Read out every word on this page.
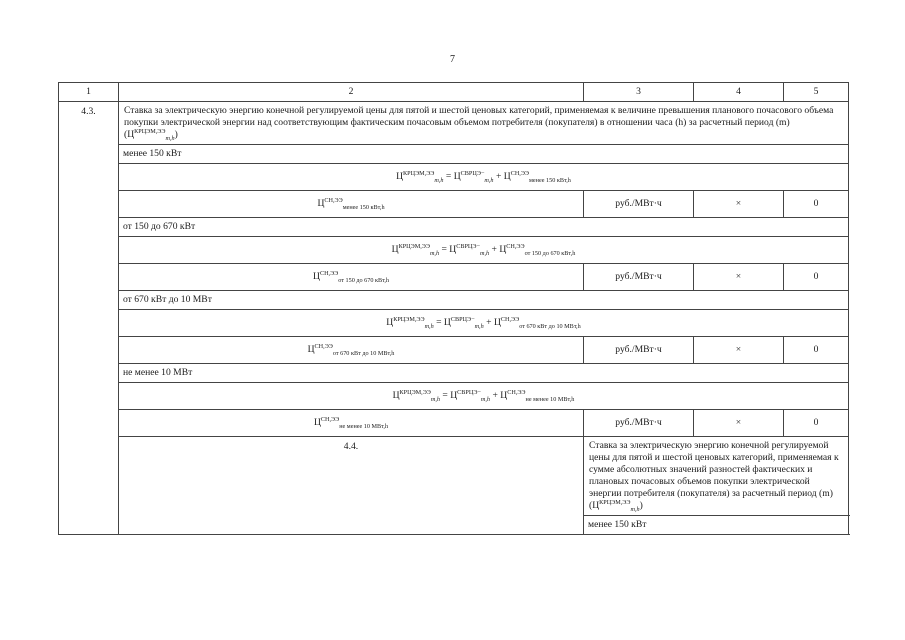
7
1	2	3	4	5
4.3.	Ставка за электрическую энергию конечной регулируемой цены для пятой и шестой ценовых категорий, применяемая к величине превышения планового почасового объема покупки электрической энергии над соответствующим фактическим почасовым объемом потребителя (покупателя) в отношении часа (h) за расчетный период (m) $(Ц^{КРЦЭМ,ЭЭ}_{m,h})$			
	менее 150 кВт			
	$Ц^{КРЦЭМ,ЭЭ}_{m,h} = Ц^{СВРЦЭ-}_{m,h} + Ц^{СН,ЭЭ}_{менее 150 кВт,h}$
	$Ц^{СН,ЭЭ}_{менее 150 кВт,h}$	руб./МВт·ч	×	0
	от 150 до 670 кВт			
	$Ц^{КРЦЭМ,ЭЭ}_{m,h} = Ц^{СВРЦЭ-}_{m,h} + Ц^{СН,ЭЭ}_{от 150 до 670 кВт,h}$
	$Ц^{СН,ЭЭ}_{от 150 до 670 кВт,h}$	руб./МВт·ч	×	0
	от 670 кВт до 10 МВт			
	$Ц^{КРЦЭМ,ЭЭ}_{m,h} = Ц^{СВРЦЭ-}_{m,h} + Ц^{СН,ЭЭ}_{от 670 кВт до 10 МВт,h}$
	$Ц^{СН,ЭЭ}_{от 670 кВт до 10 МВт,h}$	руб./МВт·ч	×	0
	не менее 10 МВт			
	$Ц^{КРЦЭМ,ЭЭ}_{m,h} = Ц^{СВРЦЭ-}_{m,h} + Ц^{СН,ЭЭ}_{не менее 10 МВт,h}$
	$Ц^{СН,ЭЭ}_{не менее 10 МВт,h}$	руб./МВт·ч	×	0
	4.4.	Ставка за электрическую энергию конечной регулируемой цены для пятой и шестой ценовых категорий, применяемая к сумме абсолютных значений разностей фактических и плановых почасовых объемов покупки электрической энергии потребителя (покупателя) за расчетный период (m) $(Ц^{КРЦЭМ,ЭЭ}_{m,h})$		
		менее 150 кВт		
